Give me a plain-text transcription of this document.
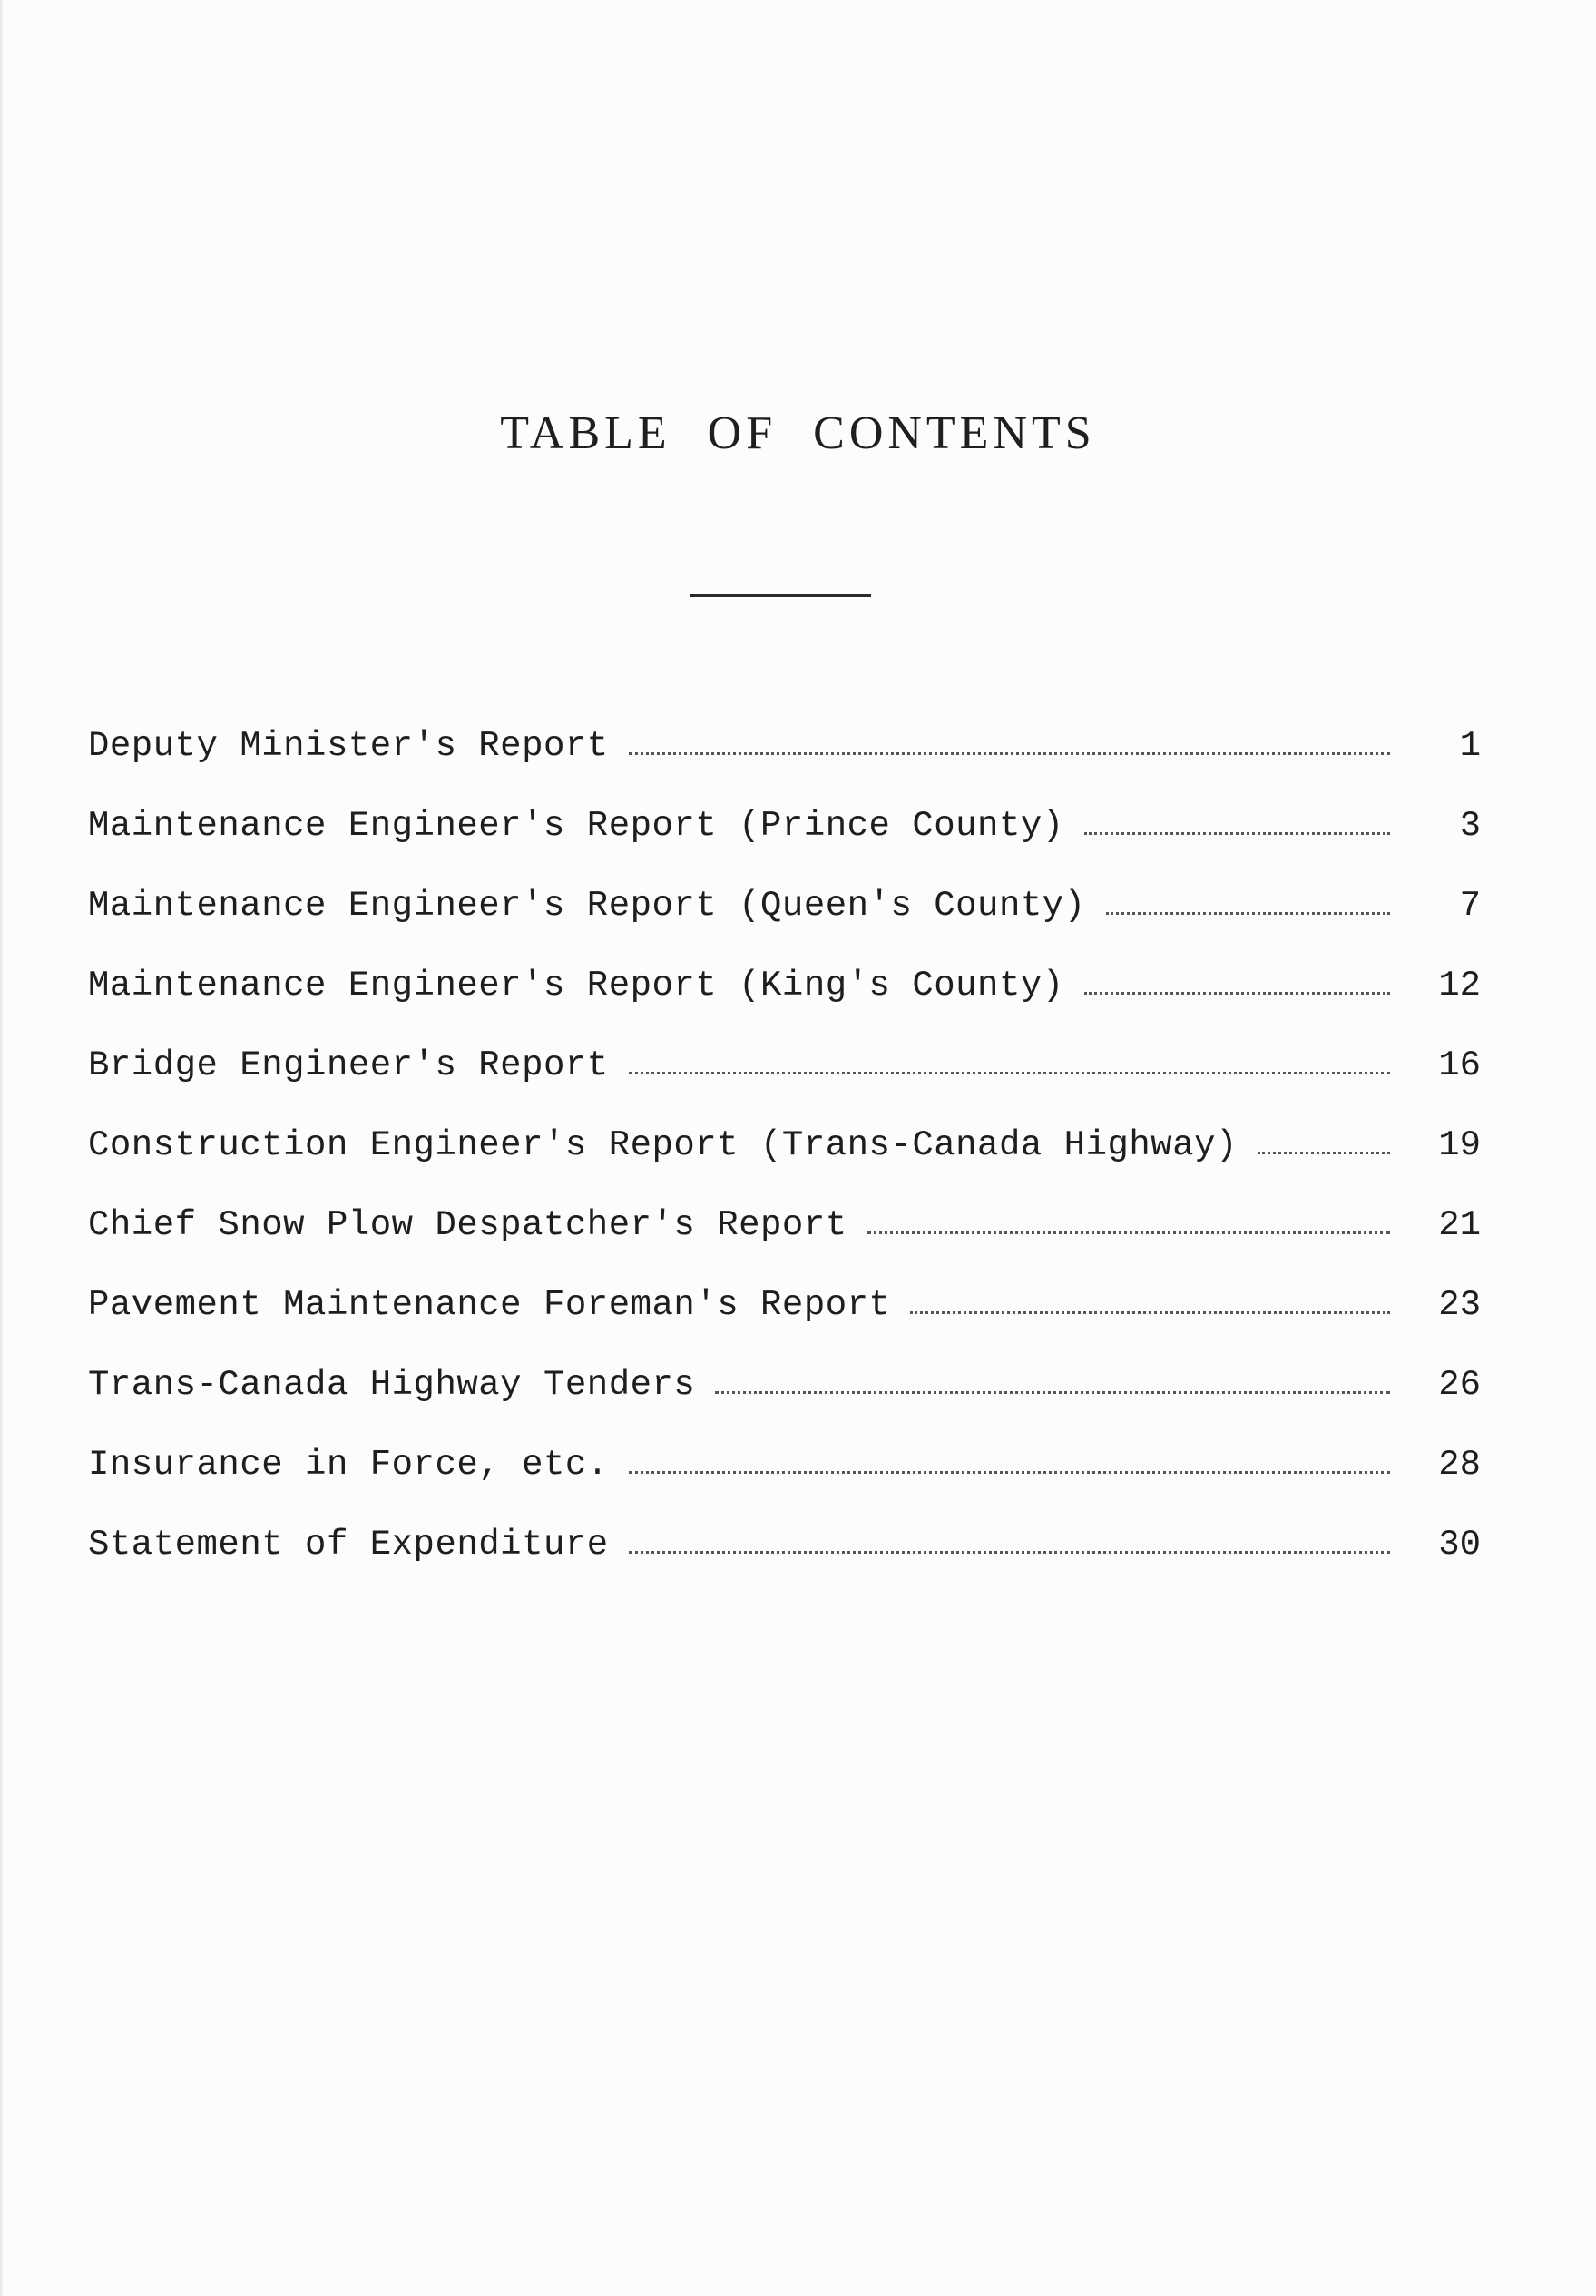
TABLE OF CONTENTS
Deputy Minister's Report	1
Maintenance Engineer's Report (Prince County)	3
Maintenance Engineer's Report (Queen's County)	7
Maintenance Engineer's Report (King's County)	12
Bridge Engineer's Report	16
Construction Engineer's Report (Trans-Canada Highway)	19
Chief Snow Plow Despatcher's Report	21
Pavement Maintenance Foreman's Report	23
Trans-Canada Highway Tenders	26
Insurance in Force, etc.	28
Statement of Expenditure	30
